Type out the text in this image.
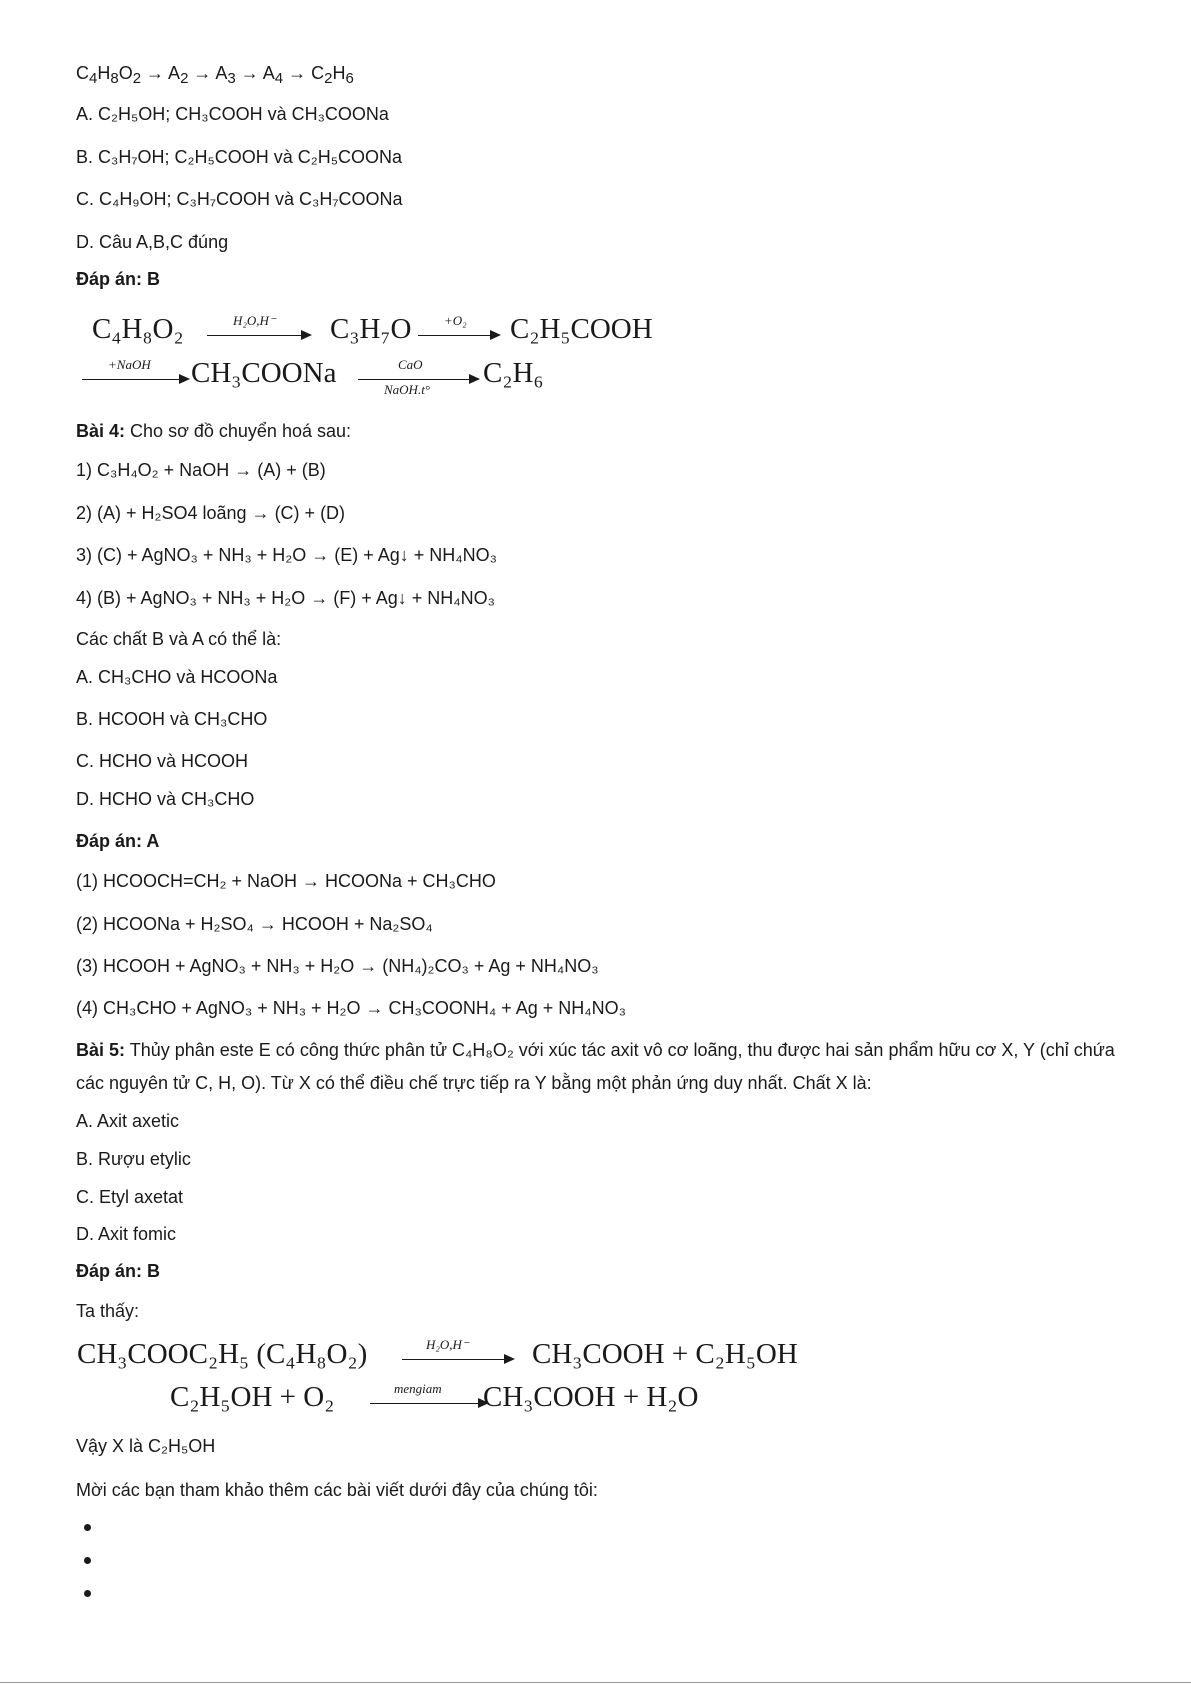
$C_4H_8O_2 \to A_2 \to A_3 \to A_4 \to C_2H_6$
A. C₂H₅OH; CH₃COOH và CH₃COONa
B. C₃H₇OH; C₂H₅COOH và C₂H₅COONa
C. C₄H₉OH; C₃H₇COOH và C₃H₇COONa
D. Câu A,B,C đúng
Đáp án: B
C₄H₈O₂	H₂O,H⁻ C₃H₇O	+O₂ C₂H₅COOH
+NaOH CH₃COONa	CaO
NaOH.t°
C₂H₆
Bài 4: Cho sơ đồ chuyển hoá sau:
1) C₃H₄O₂ + NaOH → (A) + (B)
2) (A) + H₂SO4 loãng → (C) + (D)
3) (C) + AgNO₃ + NH₃ + H₂O → (E) + Ag↓ + NH₄NO₃
4) (B) + AgNO₃ + NH₃ + H₂O → (F) + Ag↓ + NH₄NO₃
Các chất B và A có thể là:
A. CH₃CHO và HCOONa
B. HCOOH và CH₃CHO
C. HCHO và HCOOH
D. HCHO và CH₃CHO
Đáp án: A
(1) HCOOCH=CH₂ + NaOH → HCOONa + CH₃CHO
(2) HCOONa + H₂SO₄ → HCOOH + Na₂SO₄
(3) HCOOH + AgNO₃ + NH₃ + H₂O → (NH₄)₂CO₃ + Ag + NH₄NO₃
(4) CH₃CHO + AgNO₃ + NH₃ + H₂O → CH₃COONH₄ + Ag + NH₄NO₃
Bài 5: Thủy phân este E có công thức phân tử C₄H₈O₂ với xúc tác axit vô cơ loãng, thu được hai sản phẩm hữu cơ X, Y (chỉ chứa các nguyên tử C, H, O). Từ X có thể điều chế trực tiếp ra Y bằng một phản ứng duy nhất. Chất X là:
A. Axit axetic
B. Rượu etylic
C. Etyl axetat
D. Axit fomic
Đáp án: B
Ta thấy:
CH₃COOC₂H₅ (C₄H₈O₂)	H₂O,H⁻ CH₃COOH + C₂H₅OH
C₂H₅OH + O₂	mengiam CH₃COOH + H₂O
Vậy X là C₂H₅OH
Mời các bạn tham khảo thêm các bài viết dưới đây của chúng tôi:
